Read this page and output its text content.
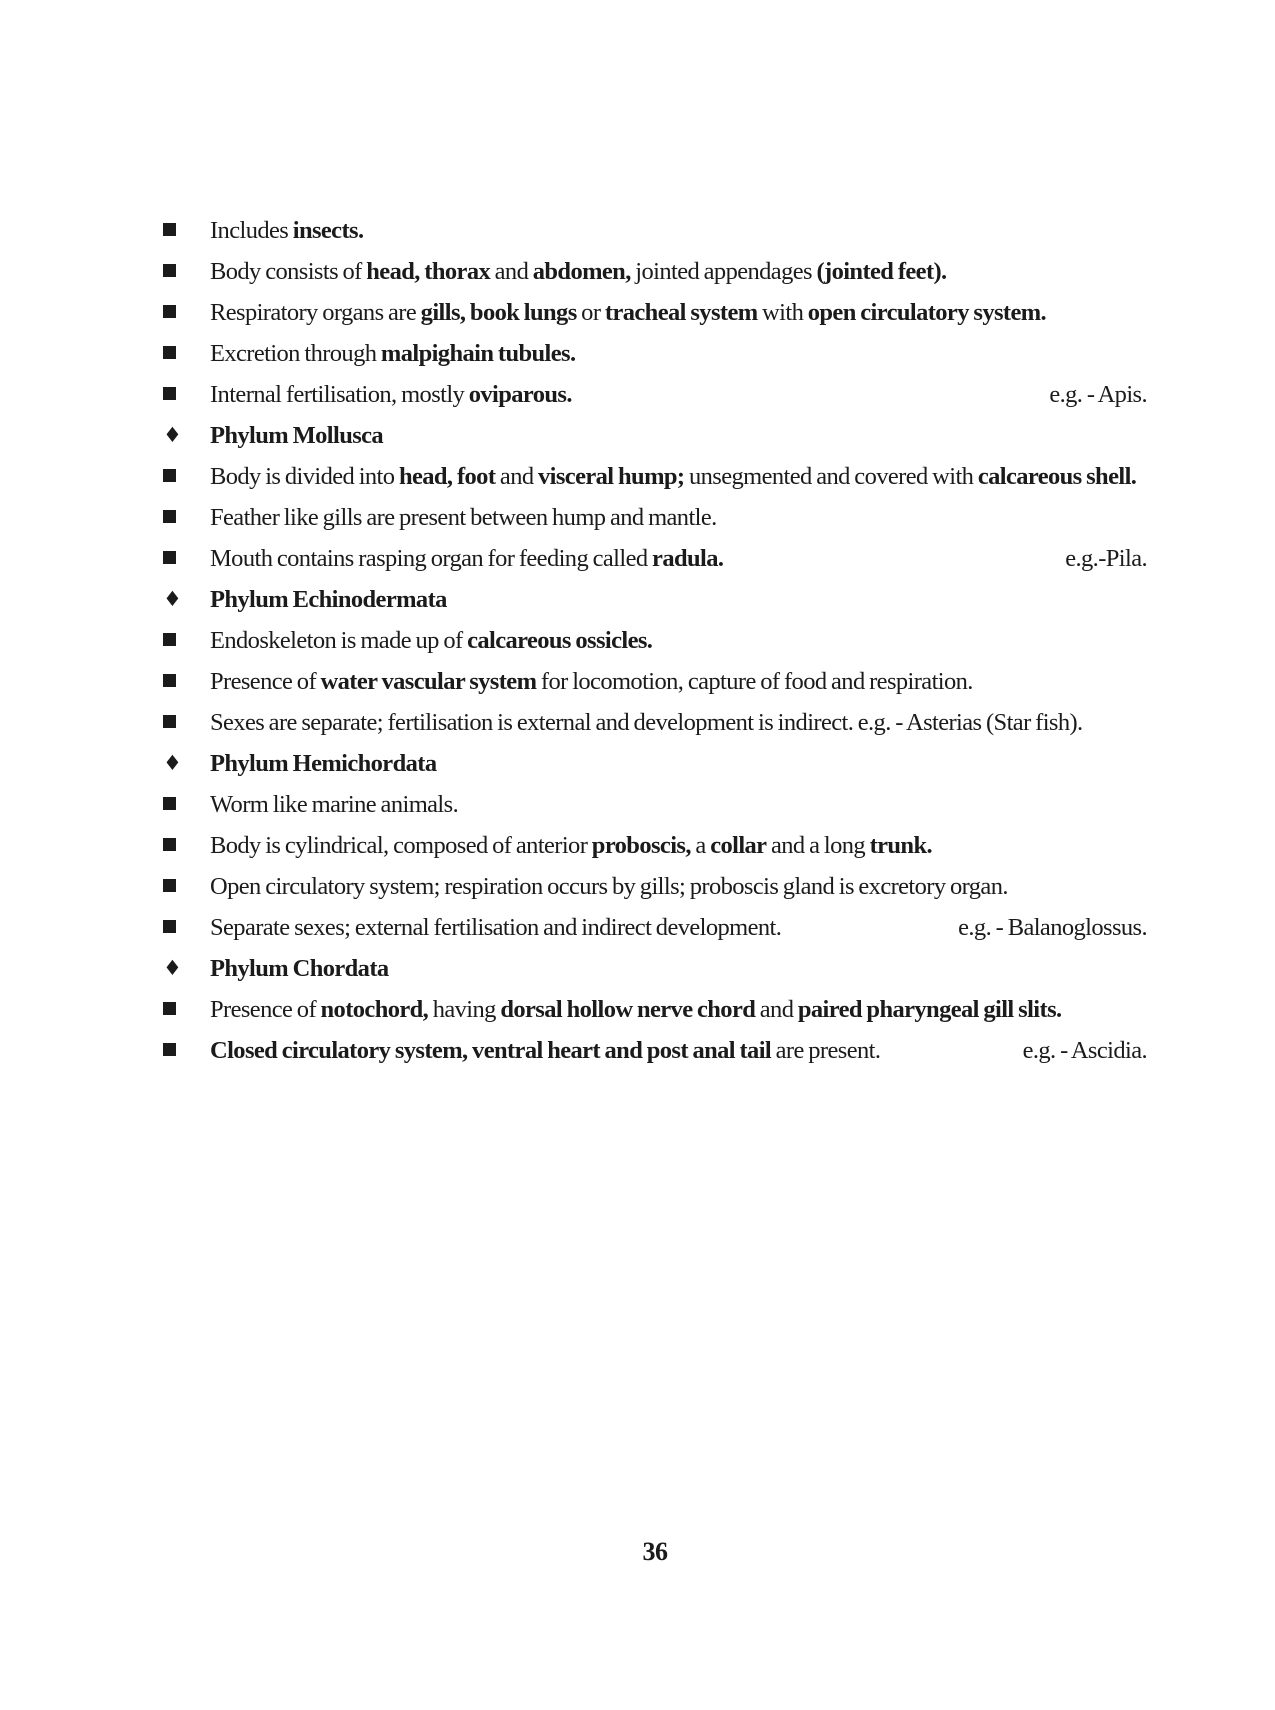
Includes insects.
Body consists of head, thorax and abdomen, jointed appendages (jointed feet).
Respiratory organs are gills, book lungs or tracheal system with open circulatory system.
Excretion through malpighain tubules.
Internal fertilisation, mostly oviparous.	e.g. - Apis.
♦	Phylum Mollusca
Body is divided into head, foot and visceral hump; unsegmented and covered with calcareous shell.
Feather like gills are present between hump and mantle.
Mouth contains rasping organ for feeding called radula.	e.g.-Pila.
♦	Phylum Echinodermata
Endoskeleton is made up of calcareous ossicles.
Presence of water vascular system for locomotion, capture of food and respiration.
Sexes are separate; fertilisation is external and development is indirect. e.g. - Asterias (Star fish).
♦	Phylum Hemichordata
Worm like marine animals.
Body is cylindrical, composed of anterior proboscis, a collar and a long trunk.
Open circulatory system; respiration occurs by gills; proboscis gland is excretory organ.
Separate sexes; external fertilisation and indirect development.	e.g. - Balanoglossus.
♦	Phylum Chordata
Presence of notochord, having dorsal hollow nerve chord and paired pharyngeal gill slits.
Closed circulatory system, ventral heart and post anal tail are present.	e.g. - Ascidia.
36
